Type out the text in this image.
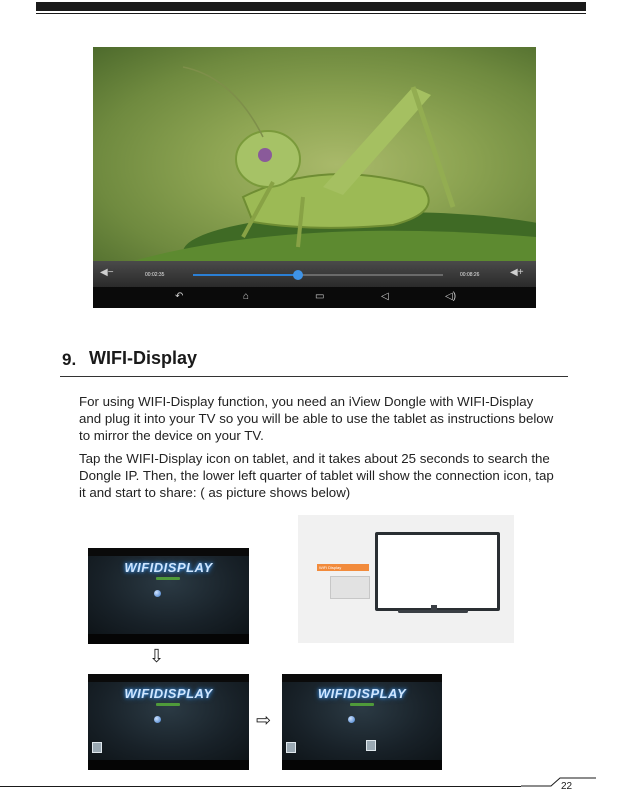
◀−	00:02:35	00:08:26	◀+
↶	⌂	▭	◁	◁)
9. WIFI-Display

For using WIFI-Display function, you need an iView Dongle with WIFI-Display and plug it into your TV so you will be able to use the tablet as instructions below to mirror the device on your TV.

Tap the WIFI-Display icon on tablet, and it takes about 25 seconds to search the Dongle IP. Then, the lower left quarter of tablet will show the connection icon, tap it and start to share: ( as picture shows below)

WIFIDISPLAY
⇩
WIFIDISPLAY
⇨
WIFIDISPLAY
WiFi Display
22
